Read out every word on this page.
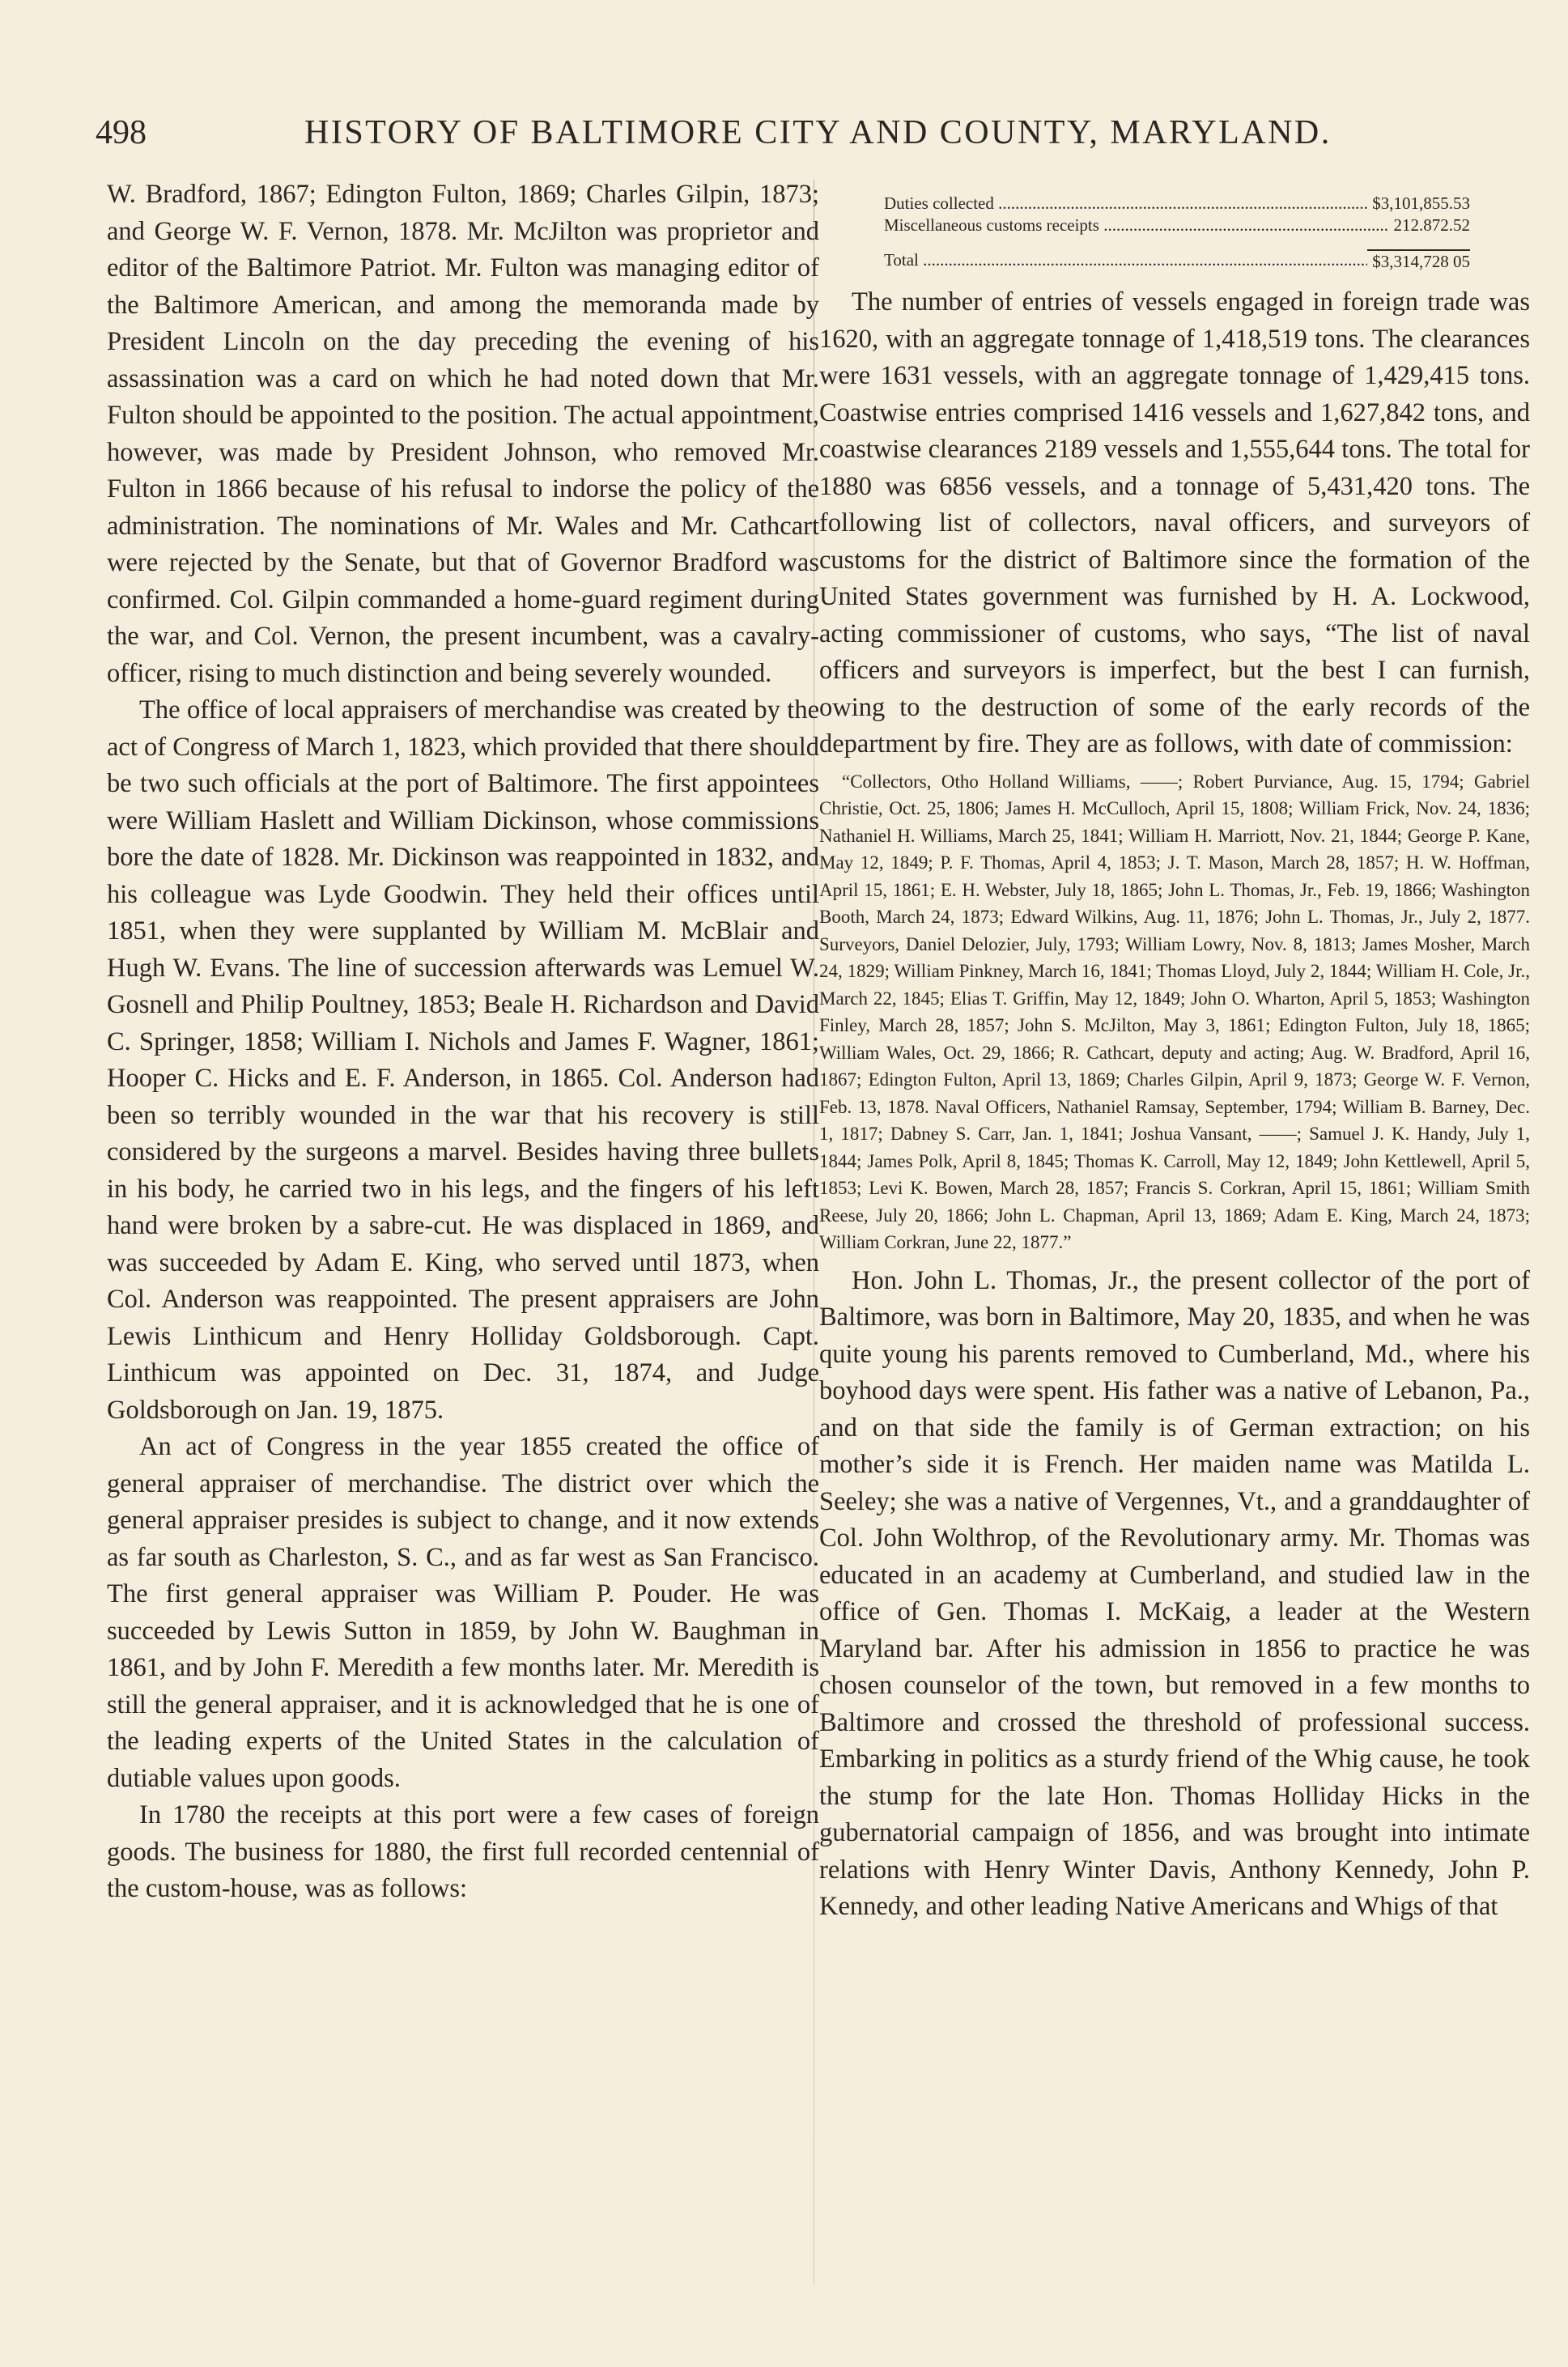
498	HISTORY OF BALTIMORE CITY AND COUNTY, MARYLAND.

W. Bradford, 1867; Edington Fulton, 1869; Charles Gilpin, 1873; and George W. F. Vernon, 1878. Mr. McJilton was proprietor and editor of the Baltimore Patriot. Mr. Fulton was managing editor of the Baltimore American, and among the memoranda made by President Lincoln on the day preceding the evening of his assassination was a card on which he had noted down that Mr. Fulton should be appointed to the position. The actual appointment, however, was made by President Johnson, who removed Mr. Fulton in 1866 because of his refusal to indorse the policy of the administration. The nominations of Mr. Wales and Mr. Cathcart were rejected by the Senate, but that of Governor Bradford was confirmed. Col. Gilpin commanded a home-guard regiment during the war, and Col. Vernon, the present incumbent, was a cavalry-officer, rising to much distinction and being severely wounded.

The office of local appraisers of merchandise was created by the act of Congress of March 1, 1823, which provided that there should be two such officials at the port of Baltimore. The first appointees were William Haslett and William Dickinson, whose commissions bore the date of 1828. Mr. Dickinson was reappointed in 1832, and his colleague was Lyde Goodwin. They held their offices until 1851, when they were supplanted by William M. McBlair and Hugh W. Evans. The line of succession afterwards was Lemuel W. Gosnell and Philip Poultney, 1853; Beale H. Richardson and David C. Springer, 1858; William I. Nichols and James F. Wagner, 1861; Hooper C. Hicks and E. F. Anderson, in 1865. Col. Anderson had been so terribly wounded in the war that his recovery is still considered by the surgeons a marvel. Besides having three bullets in his body, he carried two in his legs, and the fingers of his left hand were broken by a sabre-cut. He was displaced in 1869, and was succeeded by Adam E. King, who served until 1873, when Col. Anderson was reappointed. The present appraisers are John Lewis Linthicum and Henry Holliday Goldsborough. Capt. Linthicum was appointed on Dec. 31, 1874, and Judge Goldsborough on Jan. 19, 1875.

An act of Congress in the year 1855 created the office of general appraiser of merchandise. The district over which the general appraiser presides is subject to change, and it now extends as far south as Charleston, S. C., and as far west as San Francisco. The first general appraiser was William P. Pouder. He was succeeded by Lewis Sutton in 1859, by John W. Baughman in 1861, and by John F. Meredith a few months later. Mr. Meredith is still the general appraiser, and it is acknowledged that he is one of the leading experts of the United States in the calculation of dutiable values upon goods.

In 1780 the receipts at this port were a few cases of foreign goods. The business for 1880, the first full recorded centennial of the custom-house, was as follows:

Duties collected .....	$3,101,855.53
Miscellaneous customs receipts .....	212.872.52
Total .....	$3,314,728 05

The number of entries of vessels engaged in foreign trade was 1620, with an aggregate tonnage of 1,418,519 tons. The clearances were 1631 vessels, with an aggregate tonnage of 1,429,415 tons. Coastwise entries comprised 1416 vessels and 1,627,842 tons, and coastwise clearances 2189 vessels and 1,555,644 tons. The total for 1880 was 6856 vessels, and a tonnage of 5,431,420 tons. The following list of collectors, naval officers, and surveyors of customs for the district of Baltimore since the formation of the United States government was furnished by H. A. Lockwood, acting commissioner of customs, who says, “The list of naval officers and surveyors is imperfect, but the best I can furnish, owing to the destruction of some of the early records of the department by fire. They are as follows, with date of commission:

“Collectors, Otho Holland Williams, ——; Robert Purviance, Aug. 15, 1794; Gabriel Christie, Oct. 25, 1806; James H. McCulloch, April 15, 1808; William Frick, Nov. 24, 1836; Nathaniel H. Williams, March 25, 1841; William H. Marriott, Nov. 21, 1844; George P. Kane, May 12, 1849; P. F. Thomas, April 4, 1853; J. T. Mason, March 28, 1857; H. W. Hoffman, April 15, 1861; E. H. Webster, July 18, 1865; John L. Thomas, Jr., Feb. 19, 1866; Washington Booth, March 24, 1873; Edward Wilkins, Aug. 11, 1876; John L. Thomas, Jr., July 2, 1877. Surveyors, Daniel Delozier, July, 1793; William Lowry, Nov. 8, 1813; James Mosher, March 24, 1829; William Pinkney, March 16, 1841; Thomas Lloyd, July 2, 1844; William H. Cole, Jr., March 22, 1845; Elias T. Griffin, May 12, 1849; John O. Wharton, April 5, 1853; Washington Finley, March 28, 1857; John S. McJilton, May 3, 1861; Edington Fulton, July 18, 1865; William Wales, Oct. 29, 1866; R. Cathcart, deputy and acting; Aug. W. Bradford, April 16, 1867; Edington Fulton, April 13, 1869; Charles Gilpin, April 9, 1873; George W. F. Vernon, Feb. 13, 1878. Naval Officers, Nathaniel Ramsay, September, 1794; William B. Barney, Dec. 1, 1817; Dabney S. Carr, Jan. 1, 1841; Joshua Vansant, ——; Samuel J. K. Handy, July 1, 1844; James Polk, April 8, 1845; Thomas K. Carroll, May 12, 1849; John Kettlewell, April 5, 1853; Levi K. Bowen, March 28, 1857; Francis S. Corkran, April 15, 1861; William Smith Reese, July 20, 1866; John L. Chapman, April 13, 1869; Adam E. King, March 24, 1873; William Corkran, June 22, 1877.”

Hon. John L. Thomas, Jr., the present collector of the port of Baltimore, was born in Baltimore, May 20, 1835, and when he was quite young his parents removed to Cumberland, Md., where his boyhood days were spent. His father was a native of Lebanon, Pa., and on that side the family is of German extraction; on his mother’s side it is French. Her maiden name was Matilda L. Seeley; she was a native of Vergennes, Vt., and a granddaughter of Col. John Wolthrop, of the Revolutionary army. Mr. Thomas was educated in an academy at Cumberland, and studied law in the office of Gen. Thomas I. McKaig, a leader at the Western Maryland bar. After his admission in 1856 to practice he was chosen counselor of the town, but removed in a few months to Baltimore and crossed the threshold of professional success. Embarking in politics as a sturdy friend of the Whig cause, he took the stump for the late Hon. Thomas Holliday Hicks in the gubernatorial campaign of 1856, and was brought into intimate relations with Henry Winter Davis, Anthony Kennedy, John P. Kennedy, and other leading Native Americans and Whigs of that
